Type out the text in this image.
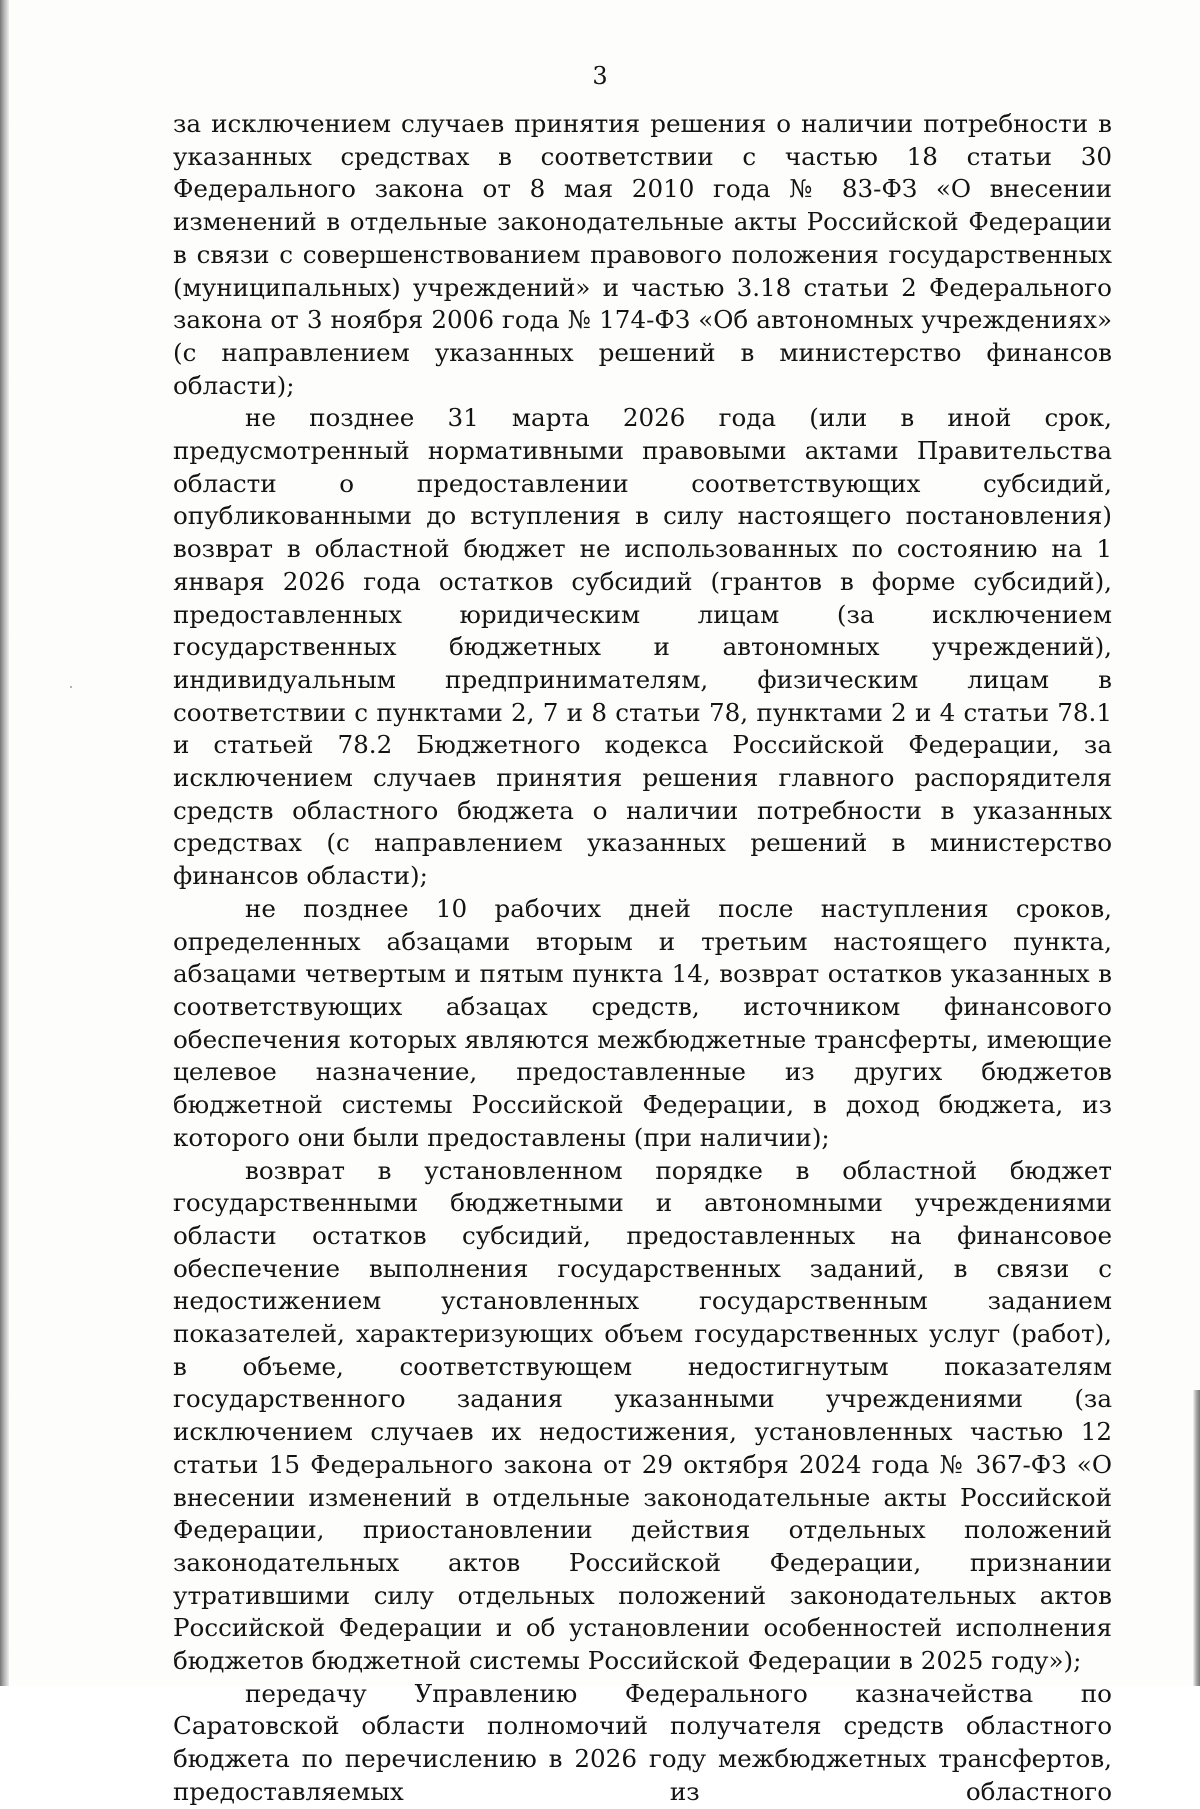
3

за исключением случаев принятия решения о наличии потребности в указанных средствах в соответствии с частью 18 статьи 30 Федерального закона от 8 мая 2010 года № 83-ФЗ «О внесении изменений в отдельные законодательные акты Российской Федерации в связи с совершенствованием правового положения государственных (муниципальных) учреждений» и частью 3.18 статьи 2 Федерального закона от 3 ноября 2006 года № 174-ФЗ «Об автономных учреждениях» (с направлением указанных решений в министерство финансов области);

не позднее 31 марта 2026 года (или в иной срок, предусмотренный нормативными правовыми актами Правительства области о предоставлении соответствующих субсидий, опубликованными до вступления в силу настоящего постановления) возврат в областной бюджет не использованных по состоянию на 1 января 2026 года остатков субсидий (грантов в форме субсидий), предоставленных юридическим лицам (за исключением государственных бюджетных и автономных учреждений), индивидуальным предпринимателям, физическим лицам в соответствии с пунктами 2, 7 и 8 статьи 78, пунктами 2 и 4 статьи 78.1 и статьей 78.2 Бюджетного кодекса Российской Федерации, за исключением случаев принятия решения главного распорядителя средств областного бюджета о наличии потребности в указанных средствах (с направлением указанных решений в министерство финансов области);

не позднее 10 рабочих дней после наступления сроков, определенных абзацами вторым и третьим настоящего пункта, абзацами четвертым и пятым пункта 14, возврат остатков указанных в соответствующих абзацах средств, источником финансового обеспечения которых являются межбюджетные трансферты, имеющие целевое назначение, предоставленные из других бюджетов бюджетной системы Российской Федерации, в доход бюджета, из которого они были предоставлены (при наличии);

возврат в установленном порядке в областной бюджет государственными бюджетными и автономными учреждениями области остатков субсидий, предоставленных на финансовое обеспечение выполнения государственных заданий, в связи с недостижением установленных государственным заданием показателей, характеризующих объем государственных услуг (работ), в объеме, соответствующем недостигнутым показателям государственного задания указанными учреждениями (за исключением случаев их недостижения, установленных частью 12 статьи 15 Федерального закона от 29 октября 2024 года № 367-ФЗ «О внесении изменений в отдельные законодательные акты Российской Федерации, приостановлении действия отдельных положений законодательных актов Российской Федерации, признании утратившими силу отдельных положений законодательных актов Российской Федерации и об установлении особенностей исполнения бюджетов бюджетной системы Российской Федерации в 2025 году»);

передачу Управлению Федерального казначейства по Саратовской области полномочий получателя средств областного бюджета по перечислению в 2026 году межбюджетных трансфертов, предоставляемых из областного
